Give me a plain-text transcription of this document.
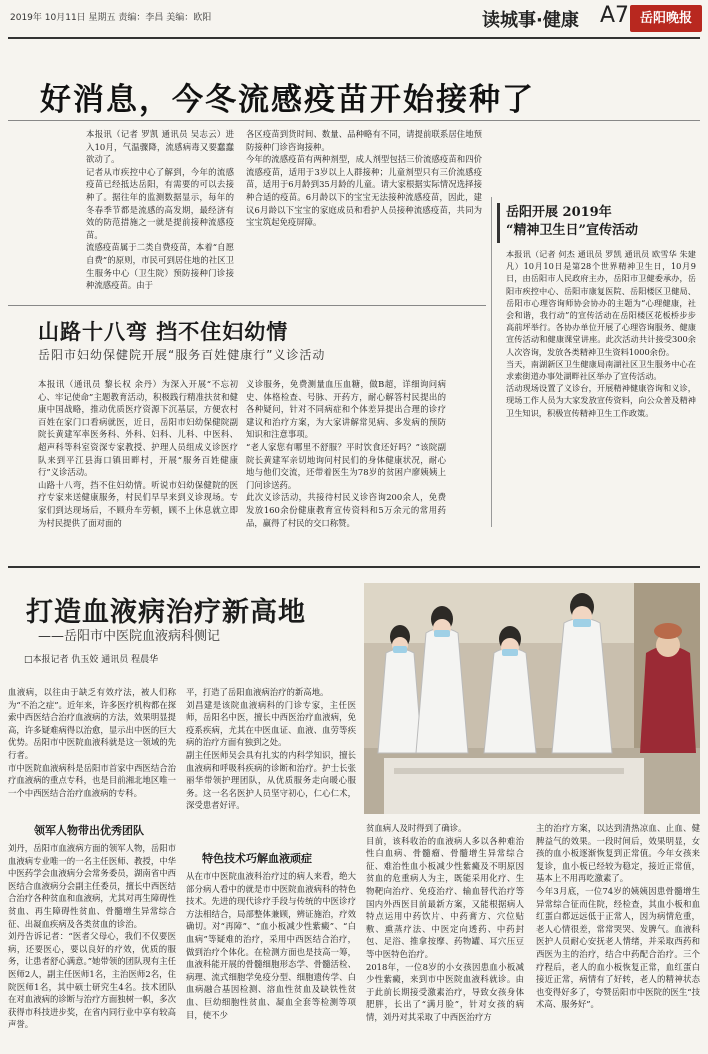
2019年 10月11日 星期五 责编：李昌 美编：欧阳	读城事·健康 A7 岳阳晚报
好消息，今冬流感疫苗开始接种了
本报讯（记者 罗凯 通讯员 吴志云）进入10月，气温骤降，流感病毒又要蠢蠢欲动了。
记者从市疾控中心了解到，今年的流感疫苗已经抵达岳阳，有需要的可以去接种了。据往年的监测数据显示，每年的冬春季节都是流感的高发期，最经济有效的防范措施之一就是提前接种流感疫苗。
流感疫苗属于二类自费疫苗，本着“自愿自费”的原则，市民可到居住地的社区卫生服务中心（卫生院）预防接种门诊接种流感疫苗。由于
各区疫苗到货时间、数量、品种略有不同，请提前联系居住地预防接种门诊咨询接种。
今年的流感疫苗有两种剂型，成人剂型包括三价流感疫苗和四价流感疫苗，适用于3岁以上人群接种；儿童剂型只有三价流感疫苗，适用于6月龄到35月龄的儿童。请大家根据实际情况选择接种合适的疫苗。6月龄以下的宝宝无法接种流感疫苗，因此，建议6月龄以下宝宝的家庭成员和看护人员接种流感疫苗，共同为宝宝筑起免疫屏障。
岳阳开展 2019年
“精神卫生日”宣传活动
本报讯（记者 何杰 通讯员 罗凯 通讯员 欧雪华 朱建凡）10月10日是第28个世界精神卫生日，10月9日，由岳阳市人民政府主办，岳阳市卫健委承办，岳阳市疾控中心、岳阳市康复医院、岳阳楼区卫健局、岳阳市心理咨询师协会协办的主题为“心理健康，社会和谐，我行动”的宣传活动在岳阳楼区花板桥步步高前坪举行。各协办单位开展了心理咨询服务、健康宣传活动和健康课堂讲座。此次活动共计接受300余人次咨询，发放各类精神卫生资料1000余份。
当天，南湖新区卫生健康局南湖社区卫生服务中心在求索街道办事处湖畔社区举办了宣传活动。
活动现场设置了义诊台，开展精神健康咨询和义诊，现场工作人员为大家发放宣传资料，向公众普及精神卫生知识，积极宣传精神卫生工作政策。
山路十八弯 挡不住妇幼情
岳阳市妇幼保健院开展“服务百姓健康行”义诊活动
本报讯（通讯员 黎长权 余丹）为深入开展“不忘初心、牢记使命”主题教育活动，积极践行精准扶贫和健康中国战略，推动优质医疗资源下沉基层，方便农村百姓在家门口看病就医，近日，岳阳市妇幼保健院副院长黄建军率医务科、外科、妇科、儿科、中医科、超声科等科室资深专家教授、护理人员组成义诊医疗队来到平江县海口镇田畔村，开展“服务百姓健康行”义诊活动。
山路十八弯，挡不住妇幼情。听说市妇幼保健院的医疗专家来送健康服务，村民们早早来到义诊现场。专家们到达现场后，不顾舟车劳顿，顾不上休息就立即为村民提供了面对面的
义诊服务，免费测量血压血糖，做B超，详细询问病史、体格检查、号脉、开药方，耐心解答村民提出的各种疑问，针对不同病症和个体差异提出合理的诊疗建议和治疗方案，为大家讲解常见病、多发病的预防知识和注意事项。
“老人家您有哪里不舒服？平时饮食还好吗？”该院副院长黄建军亲切地询问村民们的身体健康状况，耐心地与他们交流，还带着医生为78岁的贫困户廖姨姨上门问诊送药。
此次义诊活动，共接待村民义诊咨询200余人，免费发放160余份健康教育宣传资料和5万余元的常用药品，赢得了村民的交口称赞。
打造血液病治疗新高地
——岳阳市中医院血液病科侧记
□本报记者 仇玉姣 通讯员 程晨华
血液病，以往由于缺乏有效疗法，被人们称为“不治之症”。近年来，许多医疗机构都在探索中西医结合治疗血液病的方法，效果明显提高，许多疑难病得以治愈，显示出中医的巨大优势。岳阳市中医院血液科就是这一领域的先行者。
市中医院血液病科是岳阳市首家中西医结合治疗血液病的重点专科，也是目前湘北地区唯一一个中西医结合治疗血液病的专科。
领军人物带出优秀团队
刘丹，岳阳市血液病方面的领军人物，岳阳市血液病专业唯一的一名主任医师、教授，中华中医药学会血液病分会常务委员，湖南省中西医结合血液病分会副主任委员，擅长中西医结合治疗各种贫血和血液病，尤其对再生障碍性贫血、再生障碍性贫血、骨髓增生异常综合征、出凝血疾病及各类贫血的诊治。
刘丹告诉记者：“医者父母心，我们不仅要医病，还要医心，要以良好的疗效，优质的服务，让患者舒心满意。”她带领的团队现有主任医师2人，副主任医师1名，主治医师2名，住院医师1名，其中硕士研究生4名。技术团队在对血液病的诊断与治疗方面独树一帜，多次获得市科技进步奖，在省内同行业中享有较高声誉。
平，打造了岳阳血液病治疗的新高地。
刘昌建是该院血液病科的门诊专家，主任医师，岳阳名中医，擅长中西医治疗血液病，免疫系疾病，尤其在中医血证、血液、血劳等疾病的治疗方面有独到之处。
副主任医师吴会具有扎实的内科学知识，擅长血液病和呼吸科疾病的诊断和治疗。护士长张丽华带领护理团队，从优质服务走向暖心服务。这一名名医护人员坚守初心，仁心仁术，深受患者好评。
特色技术巧解血液顽症
从在市中医院血液科治疗过的病人来看，绝大部分病人看中的就是市中医院血液病科的特色技术。先进的现代诊疗手段与传统的中医诊疗方法相结合，局部整体兼顾，辨证施治，疗效确切。对“再障”、“血小板减少性紫癜”、“白血病”等疑难的治疗，采用中西医结合治疗，做到治疗个体化。在检测方面也是技高一筹，血液科能开展的骨髓细胞形态学、骨髓活检、病理、流式细胞学免疫分型、细胞遗传学、白血病融合基因检测、溶血性贫血及缺铁性贫血、巨幼细胞性贫血、凝血全套等检测等项目，使不少
贫血病人及时得到了确诊。
目前，该科收治的血液病人多以各种难治性白血病、骨髓瘤、骨髓增生异常综合征、难治性血小板减少性紫癜及不明原因贫血的危重病人为主，既能采用化疗、生物靶向治疗、免疫治疗、输血替代治疗等国内外西医目前最新方案，又能根据病人特点运用中药饮片、中药膏方、穴位贴敷、熏蒸疗法、中医定向透药、中药封包、足浴、推拿按摩、药物罐、耳穴压豆等中医特色治疗。
2018年，一位8岁的小女孩因患血小板减少性紫癜，来到市中医院血液科就诊。由于此前长期接受激素治疗，导致女孩身体肥胖，长出了“满月脸”，针对女孩的病情，刘丹对其采取了中西医治疗方
主的治疗方案，以达到清热凉血、止血、健脾益气的效果。一段时间后，效果明显，女孩的血小板逐渐恢复到正常值。今年女孩来复诊，血小板已经较为稳定，接近正常值，基本上不用再吃激素了。
今年3月底，一位74岁的姨姨因患骨髓增生异常综合征而住院，经检查，其血小板和血红蛋白都远远低于正常人，因为病情危重，老人心情很差，常常哭哭、发脾气。血液科医护人员耐心安抚老人情绪，并采取西药和西医为主的治疗，结合中药配合治疗。三个疗程后，老人的血小板恢复正常，血红蛋白接近正常，病情有了好转，老人的精神状态也变得好多了，夸赞岳阳市中医院的医生“技术高、服务好”。
